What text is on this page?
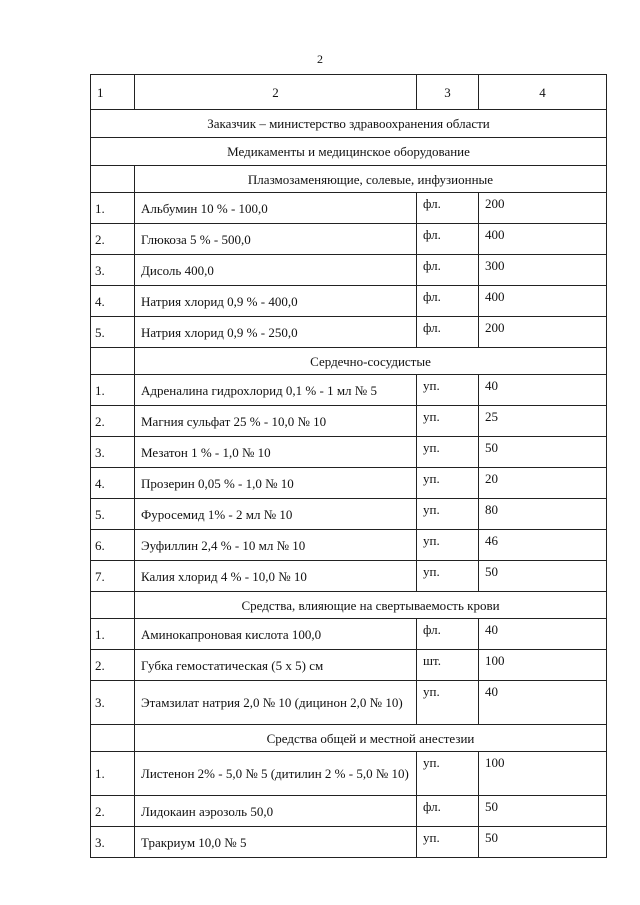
2
1	2	3	4
Заказчик – министерство здравоохранения области			
Медикаменты и медицинское оборудование			
	Плазмозаменяющие, солевые, инфузионные		
1.	Альбумин 10 % - 100,0	фл.	200
2.	Глюкоза 5 % - 500,0	фл.	400
3.	Дисоль 400,0	фл.	300
4.	Натрия хлорид 0,9 % - 400,0	фл.	400
5.	Натрия хлорид 0,9 % - 250,0	фл.	200
	Сердечно-сосудистые		
1.	Адреналина гидрохлорид 0,1 % - 1 мл № 5	уп.	40
2.	Магния сульфат 25 % - 10,0 № 10	уп.	25
3.	Мезатон 1 % - 1,0 № 10	уп.	50
4.	Прозерин 0,05 % - 1,0 № 10	уп.	20
5.	Фуросемид 1% - 2 мл № 10	уп.	80
6.	Эуфиллин 2,4 % - 10 мл № 10	уп.	46
7.	Калия хлорид 4 % - 10,0 № 10	уп.	50
	Средства, влияющие на свертываемость крови		
1.	Аминокапроновая кислота 100,0	фл.	40
2.	Губка гемостатическая (5 х 5) см	шт.	100
3.	Этамзилат натрия 2,0 № 10 (дицинон 2,0 № 10)	уп.	40
	Средства общей и местной анестезии		
1.	Листенон 2% - 5,0 № 5 (дитилин 2 % - 5,0 № 10)	уп.	100
2.	Лидокаин аэрозоль 50,0	фл.	50
3.	Тракриум 10,0 № 5	уп.	50
